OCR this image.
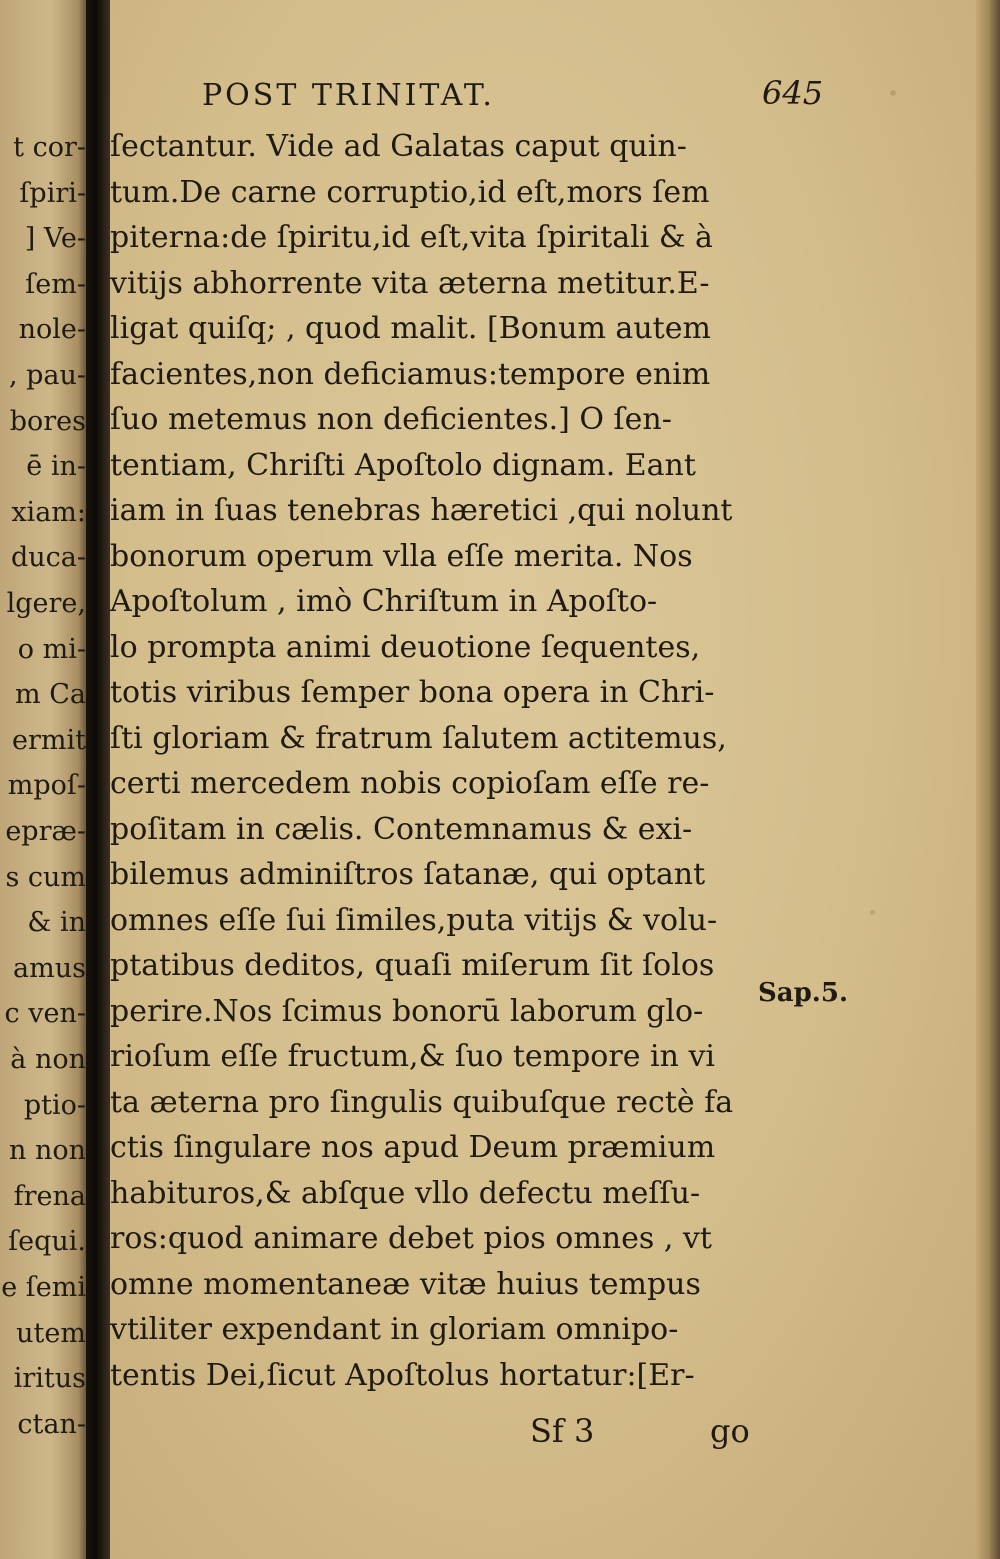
t cor-
ſpiri-
] Ve-
ſem-
nole-
, pau-
bores
ē in-
xiam:
duca-
lgere,
o mi-
m Ca
ermit
mpoſ-
epræ-
s cum
& in
amus
c ven-
à non
ptio-
n non
frena
ſequi.
e ſemi
utem
iritus
ctan-
POST TRINITAT.	645
ſectantur. Vide ad Galatas caput quin-
tum.De carne corruptio,id eſt,mors ſem
piterna:de ſpiritu,id eſt,vita ſpiritali & à
vitijs abhorrente vita æterna metitur.E-
ligat quiſq; , quod malit. [Bonum autem
facientes,non deficiamus:tempore enim
ſuo metemus non deficientes.] O ſen-
tentiam, Chriſti Apoſtolo dignam. Eant
iam in ſuas tenebras hæretici ,qui nolunt
bonorum operum vlla eſſe merita. Nos
Apoſtolum , imò Chriſtum in Apoſto-
lo prompta animi deuotione ſequentes,
totis viribus ſemper bona opera in Chri-
ſti gloriam & fratrum ſalutem actitemus,
certi mercedem nobis copioſam eſſe re-
poſitam in cælis. Contemnamus & exi-
bilemus adminiſtros ſatanæ, qui optant
omnes eſſe ſui ſimiles,puta vitijs & volu-
ptatibus deditos, quaſi miſerum ſit ſolos
perire.Nos ſcimus bonorū laborum glo-
rioſum eſſe fructum,& ſuo tempore in vi
ta æterna pro ſingulis quibuſque rectè fa
ctis ſingulare nos apud Deum præmium
habituros,& abſque vllo defectu meſſu-
ros:quod animare debet pios omnes , vt
omne momentaneæ vitæ huius tempus
vtiliter expendant in gloriam omnipo-
tentis Dei,ſicut Apoſtolus hortatur:[Er-
Sap.5.
Sf 3	go
